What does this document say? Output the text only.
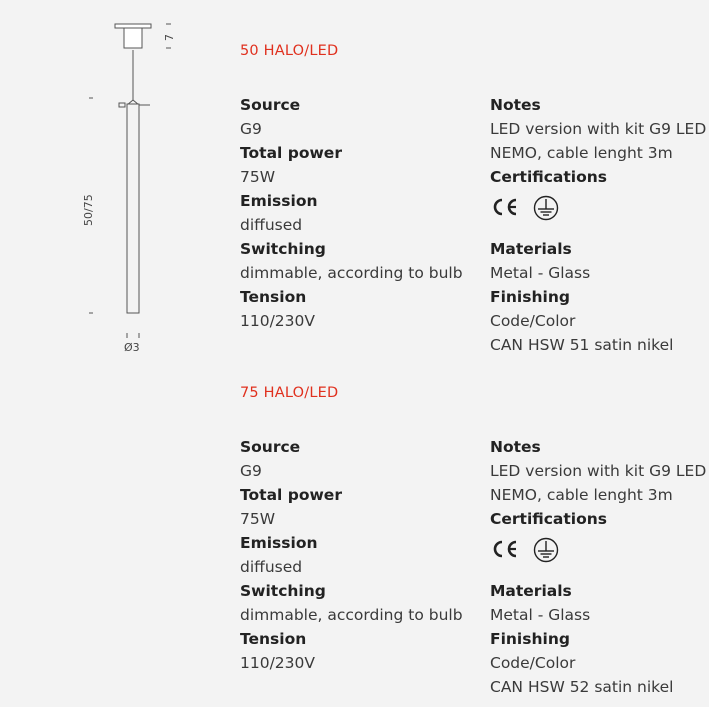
50/75
7
Ø3
50 HALO/LED
Source
G9
Total power
75W
Emission
diffused
Switching
dimmable, according to bulb
Tension
110/230V
Notes
LED version with kit G9 LED
NEMO, cable lenght 3m
Certifications
Materials
Metal - Glass
Finishing
Code/Color
CAN HSW 51 satin nikel
75 HALO/LED
Source
G9
Total power
75W
Emission
diffused
Switching
dimmable, according to bulb
Tension
110/230V
Notes
LED version with kit G9 LED
NEMO, cable lenght 3m
Certifications
Materials
Metal - Glass
Finishing
Code/Color
CAN HSW 52 satin nikel
